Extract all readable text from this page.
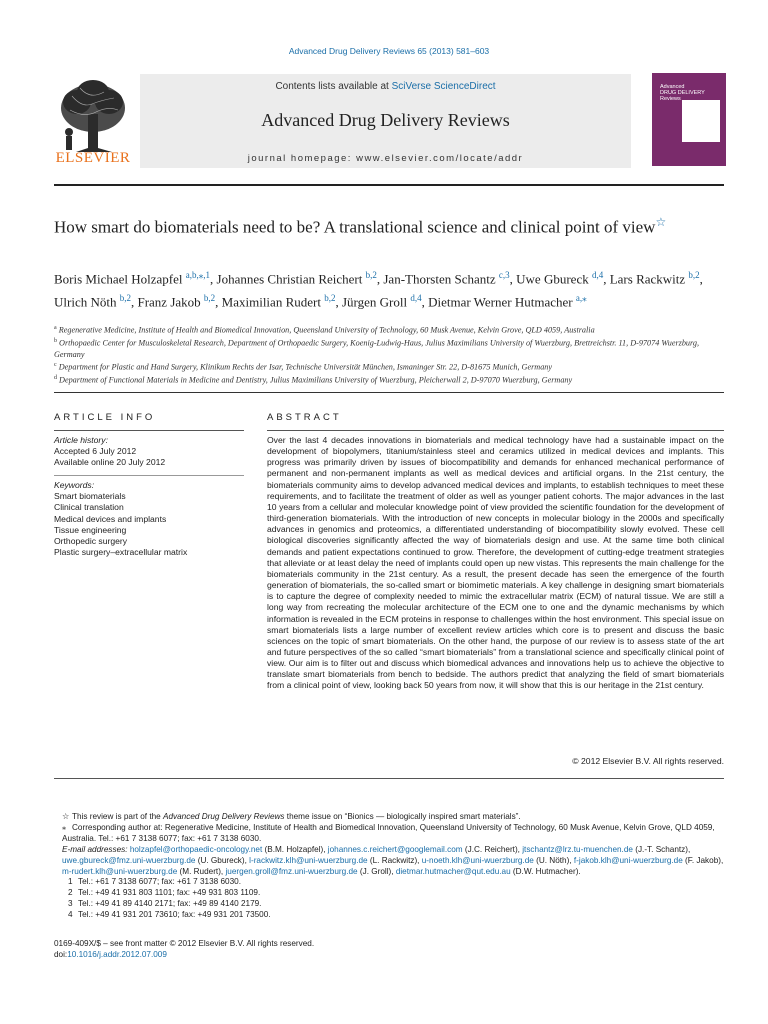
Advanced Drug Delivery Reviews 65 (2013) 581–603
Contents lists available at SciVerse ScienceDirect
Advanced Drug Delivery Reviews
journal homepage: www.elsevier.com/locate/addr
ELSEVIER
Advanced
DRUG DELIVERY
Reviews
How smart do biomaterials need to be? A translational science and clinical point of view☆
Boris Michael Holzapfel $^{a,b,⁎,1}$, Johannes Christian Reichert $^{b,2}$, Jan-Thorsten Schantz $^{c,3}$, Uwe Gbureck $^{d,4}$, Lars Rackwitz $^{b,2}$, Ulrich Nöth $^{b,2}$, Franz Jakob $^{b,2}$, Maximilian Rudert $^{b,2}$, Jürgen Groll $^{d,4}$, Dietmar Werner Hutmacher $^{a,⁎}$
$^a$ Regenerative Medicine, Institute of Health and Biomedical Innovation, Queensland University of Technology, 60 Musk Avenue, Kelvin Grove, QLD 4059, Australia
$^b$ Orthopaedic Center for Musculoskeletal Research, Department of Orthopaedic Surgery, Koenig-Ludwig-Haus, Julius Maximilians University of Wuerzburg, Brettreichstr. 11, D-97074 Wuerzburg, Germany
$^c$ Department for Plastic and Hand Surgery, Klinikum Rechts der Isar, Technische Universität München, Ismaninger Str. 22, D-81675 Munich, Germany
$^d$ Department of Functional Materials in Medicine and Dentistry, Julius Maximilians University of Wuerzburg, Pleicherwall 2, D-97070 Wuerzburg, Germany
ARTICLE INFO	ABSTRACT
Article history:
Accepted 6 July 2012
Available online 20 July 2012
Keywords:
Smart biomaterials
Clinical translation
Medical devices and implants
Tissue engineering
Orthopedic surgery
Plastic surgery–extracellular matrix
Over the last 4 decades innovations in biomaterials and medical technology have had a sustainable impact on the development of biopolymers, titanium/stainless steel and ceramics utilized in medical devices and implants. This progress was primarily driven by issues of biocompatibility and demands for enhanced mechanical performance of permanent and non-permanent implants as well as medical devices and artificial organs. In the 21st century, the biomaterials community aims to develop advanced medical devices and implants, to establish techniques to meet these requirements, and to facilitate the treatment of older as well as younger patient cohorts. The major advances in the last 10 years from a cellular and molecular knowledge point of view provided the scientific foundation for the development of third-generation biomaterials. With the introduction of new concepts in molecular biology in the 2000s and specifically advances in genomics and proteomics, a differentiated understanding of biocompatibility slowly evolved. These cell biological discoveries significantly affected the way of biomaterials design and use. At the same time both clinical demands and patient expectations continued to grow. Therefore, the development of cutting-edge treatment strategies that alleviate or at least delay the need of implants could open up new vistas. This represents the main challenge for the biomaterials community in the 21st century. As a result, the present decade has seen the emergence of the fourth generation of biomaterials, the so-called smart or biomimetic materials. A key challenge in designing smart biomaterials is to capture the degree of complexity needed to mimic the extracellular matrix (ECM) of natural tissue. We are still a long way from recreating the molecular architecture of the ECM one to one and the dynamic mechanisms by which information is revealed in the ECM proteins in response to challenges within the host environment. This special issue on smart biomaterials lists a large number of excellent review articles which core is to present and discuss the basic sciences on the topic of smart biomaterials. On the other hand, the purpose of our review is to assess state of the art and future perspectives of the so called “smart biomaterials” from a translational science and specifically clinical point of view. Our aim is to filter out and discuss which biomedical advances and innovations help us to achieve the objective to translate smart biomaterials from bench to bedside. The authors predict that analyzing the field of smart biomaterials from a clinical point of view, looking back 50 years from now, it will show that this is our heritage in the 21st century.
© 2012 Elsevier B.V. All rights reserved.

☆ This review is part of the Advanced Drug Delivery Reviews theme issue on “Bionics — biologically inspired smart materials”.

⁎ Corresponding author at: Regenerative Medicine, Institute of Health and Biomedical Innovation, Queensland University of Technology, 60 Musk Avenue, Kelvin Grove, QLD 4059, Australia. Tel.: +61 7 3138 6077; fax: +61 7 3138 6030.

E-mail addresses: holzapfel@orthopaedic-oncology.net (B.M. Holzapfel), johannes.c.reichert@googlemail.com (J.C. Reichert), jtschantz@lrz.tu-muenchen.de (J.-T. Schantz), uwe.gbureck@fmz.uni-wuerzburg.de (U. Gbureck), l-rackwitz.klh@uni-wuerzburg.de (L. Rackwitz), u-noeth.klh@uni-wuerzburg.de (U. Nöth), f-jakob.klh@uni-wuerzburg.de (F. Jakob), m-rudert.klh@uni-wuerzburg.de (M. Rudert), juergen.groll@fmz.uni-wuerzburg.de (J. Groll), dietmar.hutmacher@qut.edu.au (D.W. Hutmacher).

1 Tel.: +61 7 3138 6077; fax: +61 7 3138 6030.

2 Tel.: +49 41 931 803 1101; fax: +49 931 803 1109.

3 Tel.: +49 41 89 4140 2171; fax: +49 89 4140 2179.

4 Tel.: +49 41 931 201 73610; fax: +49 931 201 73500.

0169-409X/$ – see front matter © 2012 Elsevier B.V. All rights reserved.
doi:10.1016/j.addr.2012.07.009
